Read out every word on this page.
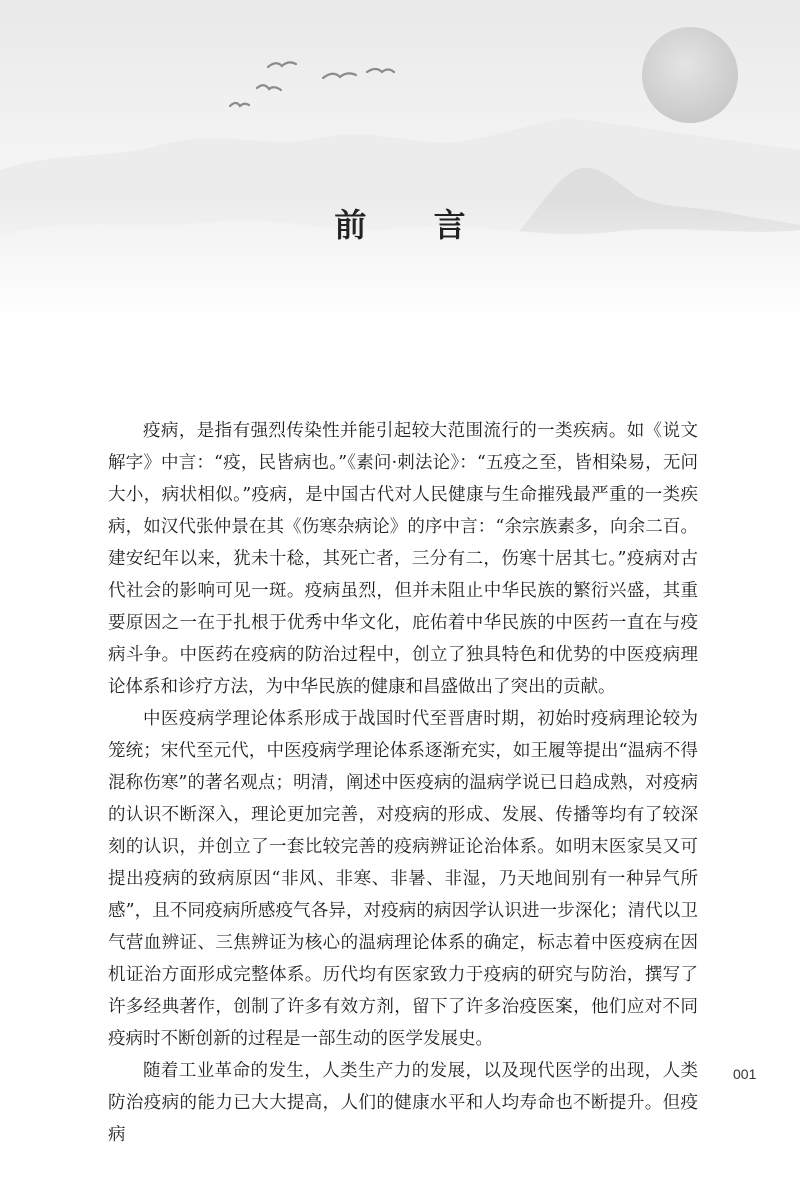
前 言

疫病，是指有强烈传染性并能引起较大范围流行的一类疾病。如《说文解字》中言：“疫，民皆病也。”《素问·刺法论》：“五疫之至，皆相染易，无问大小，病状相似。”疫病，是中国古代对人民健康与生命摧残最严重的一类疾病，如汉代张仲景在其《伤寒杂病论》的序中言：“余宗族素多，向余二百。建安纪年以来，犹未十稔，其死亡者，三分有二，伤寒十居其七。”疫病对古代社会的影响可见一斑。疫病虽烈，但并未阻止中华民族的繁衍兴盛，其重要原因之一在于扎根于优秀中华文化，庇佑着中华民族的中医药一直在与疫病斗争。中医药在疫病的防治过程中，创立了独具特色和优势的中医疫病理论体系和诊疗方法，为中华民族的健康和昌盛做出了突出的贡献。

中医疫病学理论体系形成于战国时代至晋唐时期，初始时疫病理论较为笼统；宋代至元代，中医疫病学理论体系逐渐充实，如王履等提出“温病不得混称伤寒”的著名观点；明清，阐述中医疫病的温病学说已日趋成熟，对疫病的认识不断深入，理论更加完善，对疫病的形成、发展、传播等均有了较深刻的认识，并创立了一套比较完善的疫病辨证论治体系。如明末医家吴又可提出疫病的致病原因“非风、非寒、非暑、非湿，乃天地间别有一种异气所感”，且不同疫病所感疫气各异，对疫病的病因学认识进一步深化；清代以卫气营血辨证、三焦辨证为核心的温病理论体系的确定，标志着中医疫病在因机证治方面形成完整体系。历代均有医家致力于疫病的研究与防治，撰写了许多经典著作，创制了许多有效方剂，留下了许多治疫医案，他们应对不同疫病时不断创新的过程是一部生动的医学发展史。

随着工业革命的发生，人类生产力的发展，以及现代医学的出现，人类防治疫病的能力已大大提高，人们的健康水平和人均寿命也不断提升。但疫病

001
